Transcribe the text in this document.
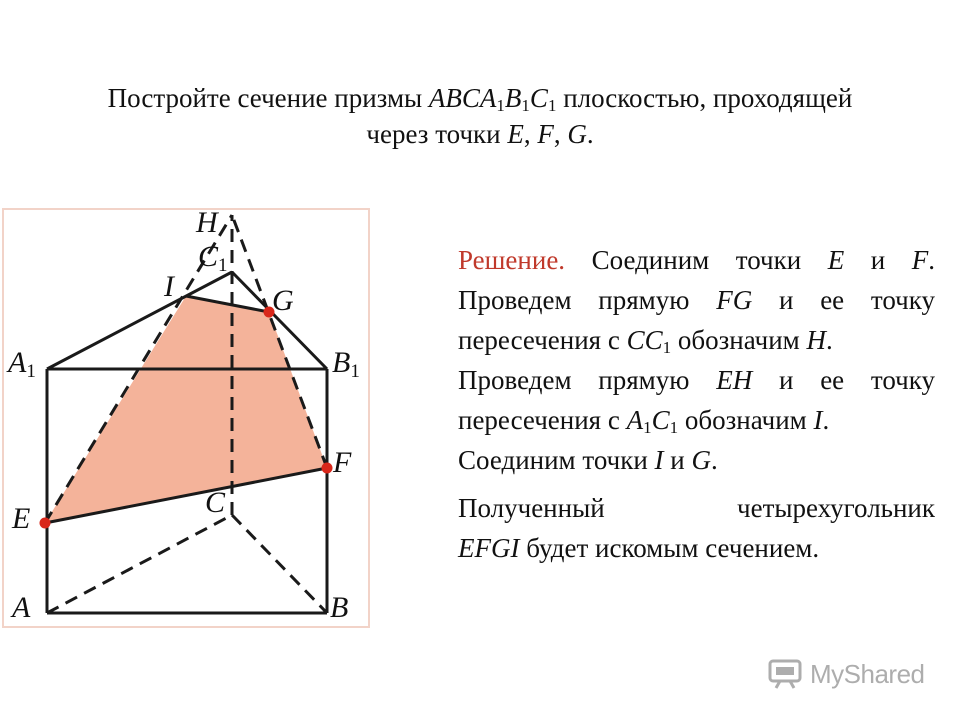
Постройте сечение призмы $ABCA_1B_1C_1$ плоскостью, проходящей
через точки E, F, G.
H
C1
I	G
A1	B1
F
C
E
A	B

Решение. Соединим точки E и F.

Проведем прямую FG и ее точку пересечения с $CC_1$ обозначим H.

Проведем прямую EH и ее точку пересечения с $A_1C_1$ обозначим I.

Соединим точки I и G.

Полученный четырехугольник

EFGI будет искомым сечением.

MyShared
